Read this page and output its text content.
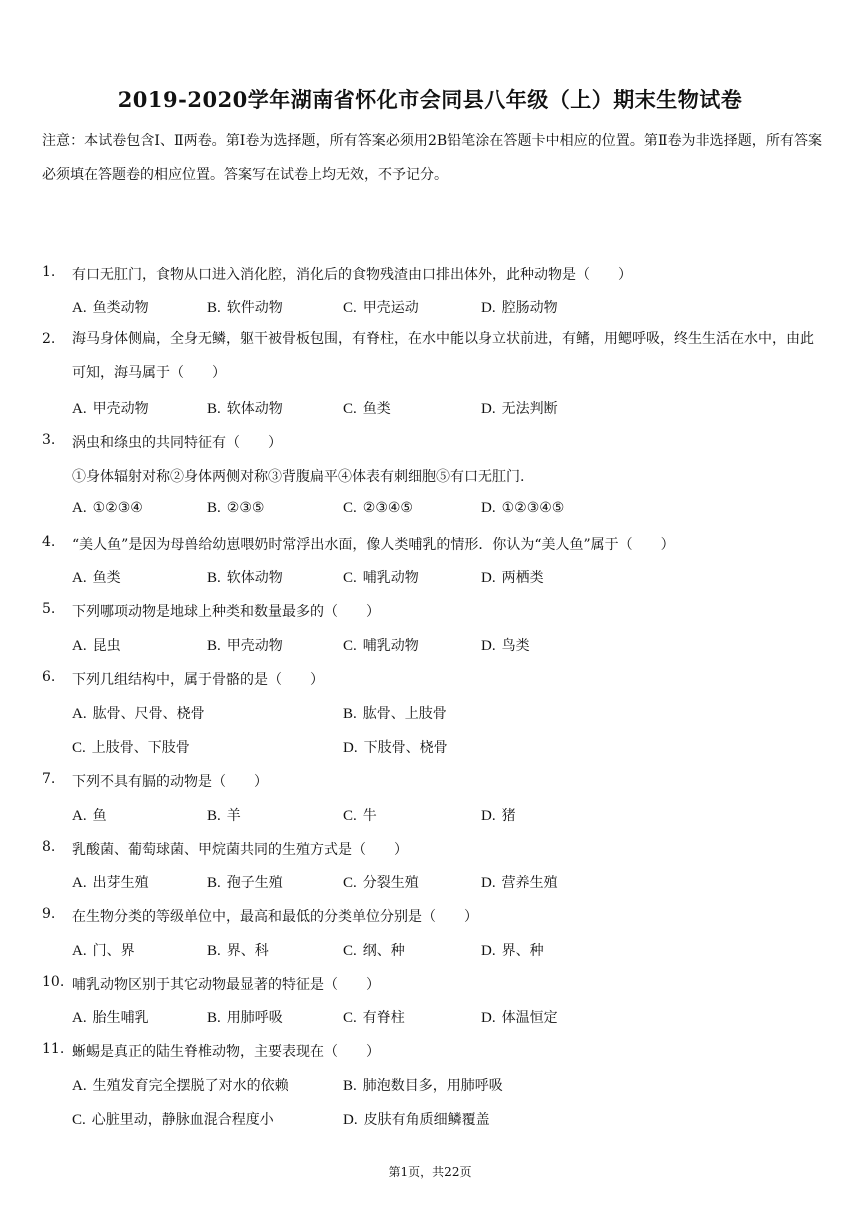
2019-2020学年湖南省怀化市会同县八年级（上）期末生物试卷
注意：本试卷包含Ⅰ、Ⅱ两卷。第Ⅰ卷为选择题，所有答案必须用2B铅笔涂在答题卡中相应的位置。第Ⅱ卷为非选择题，所有答案必须填在答题卷的相应位置。答案写在试卷上均无效，不予记分。
1. 有口无肛门，食物从口进入消化腔，消化后的食物残渣由口排出体外，此种动物是（　　）
A. 鱼类动物	B. 软件动物	C. 甲壳运动	D. 腔肠动物
2. 海马身体侧扁，全身无鳞，躯干被骨板包围，有脊柱，在水中能以身立状前进，有鳍，用鳃呼吸，终生生活在水中，由此可知，海马属于（　　）
A. 甲壳动物	B. 软体动物	C. 鱼类	D. 无法判断
3. 涡虫和绦虫的共同特征有（　　）
①身体辐射对称②身体两侧对称③背腹扁平④体表有刺细胞⑤有口无肛门.
A. ①②③④	B. ②③⑤	C. ②③④⑤	D. ①②③④⑤
4. “美人鱼”是因为母兽给幼崽喂奶时常浮出水面，像人类哺乳的情形．你认为“美人鱼”属于（　　）
A. 鱼类	B. 软体动物	C. 哺乳动物	D. 两栖类
5. 下列哪项动物是地球上种类和数量最多的（　　）
A. 昆虫	B. 甲壳动物	C. 哺乳动物	D. 鸟类
6. 下列几组结构中，属于骨骼的是（　　）
A. 肱骨、尺骨、桡骨	B. 肱骨、上肢骨
C. 上肢骨、下肢骨	D. 下肢骨、桡骨
7. 下列不具有膈的动物是（　　）
A. 鱼	B. 羊	C. 牛	D. 猪
8. 乳酸菌、葡萄球菌、甲烷菌共同的生殖方式是（　　）
A. 出芽生殖	B. 孢子生殖	C. 分裂生殖	D. 营养生殖
9. 在生物分类的等级单位中，最高和最低的分类单位分别是（　　）
A. 门、界	B. 界、科	C. 纲、种	D. 界、种
10. 哺乳动物区别于其它动物最显著的特征是（　　）
A. 胎生哺乳	B. 用肺呼吸	C. 有脊柱	D. 体温恒定
11. 蜥蜴是真正的陆生脊椎动物，主要表现在（　　）
A. 生殖发育完全摆脱了对水的依赖	B. 肺泡数目多，用肺呼吸
C. 心脏里动，静脉血混合程度小	D. 皮肤有角质细鳞覆盖
第1页，共22页
